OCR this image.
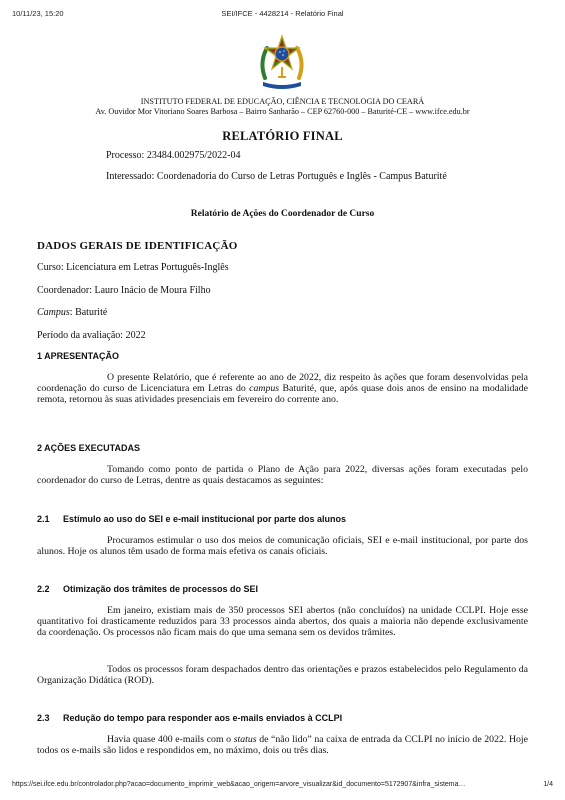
10/11/23, 15:20	SEI/IFCE - 4428214 - Relatório Final
INSTITUTO FEDERAL DE EDUCAÇÃO, CIÊNCIA E TECNOLOGIA DO CEARÁ
Av. Ouvidor Mor Vitoriano Soares Barbosa – Bairro Sanharão – CEP 62760-000 – Baturité-CE – www.ifce.edu.br
RELATÓRIO FINAL
Processo: 23484.002975/2022-04
Interessado: Coordenadoria do Curso de Letras Português e Inglês - Campus Baturité
Relatório de Ações do Coordenador de Curso
DADOS GERAIS DE IDENTIFICAÇÃO
Curso: Licenciatura em Letras Português-Inglês
Coordenador: Lauro Inácio de Moura Filho
Campus: Baturité
Período da avaliação: 2022
1 APRESENTAÇÃO
O presente Relatório, que é referente ao ano de 2022, diz respeito às ações que foram desenvolvidas pela coordenação do curso de Licenciatura em Letras do campus Baturité, que, após quase dois anos de ensino na modalidade remota, retornou às suas atividades presenciais em fevereiro do corrente ano.
2 AÇÕES EXECUTADAS
Tomando como ponto de partida o Plano de Ação para 2022, diversas ações foram executadas pelo coordenador do curso de Letras, dentre as quais destacamos as seguintes:
2.1 Estímulo ao uso do SEI e e-mail institucional por parte dos alunos
Procuramos estimular o uso dos meios de comunicação oficiais, SEI e e-mail institucional, por parte dos alunos. Hoje os alunos têm usado de forma mais efetiva os canais oficiais.
2.2 Otimização dos trâmites de processos do SEI
Em janeiro, existiam mais de 350 processos SEI abertos (não concluídos) na unidade CCLPI. Hoje esse quantitativo foi drasticamente reduzidos para 33 processos ainda abertos, dos quais a maioria não depende exclusivamente da coordenação. Os processos não ficam mais do que uma semana sem os devidos trâmites.
Todos os processos foram despachados dentro das orientações e prazos estabelecidos pelo Regulamento da Organização Didática (ROD).
2.3 Redução do tempo para responder aos e-mails enviados à CCLPI
Havia quase 400 e-mails com o status de “não lido” na caixa de entrada da CCLPI no início de 2022. Hoje todos os e-mails são lidos e respondidos em, no máximo, dois ou três dias.
https://sei.ifce.edu.br/controlador.php?acao=documento_imprimir_web&acao_origem=arvore_visualizar&id_documento=5172907&infra_sistema…	1/4
